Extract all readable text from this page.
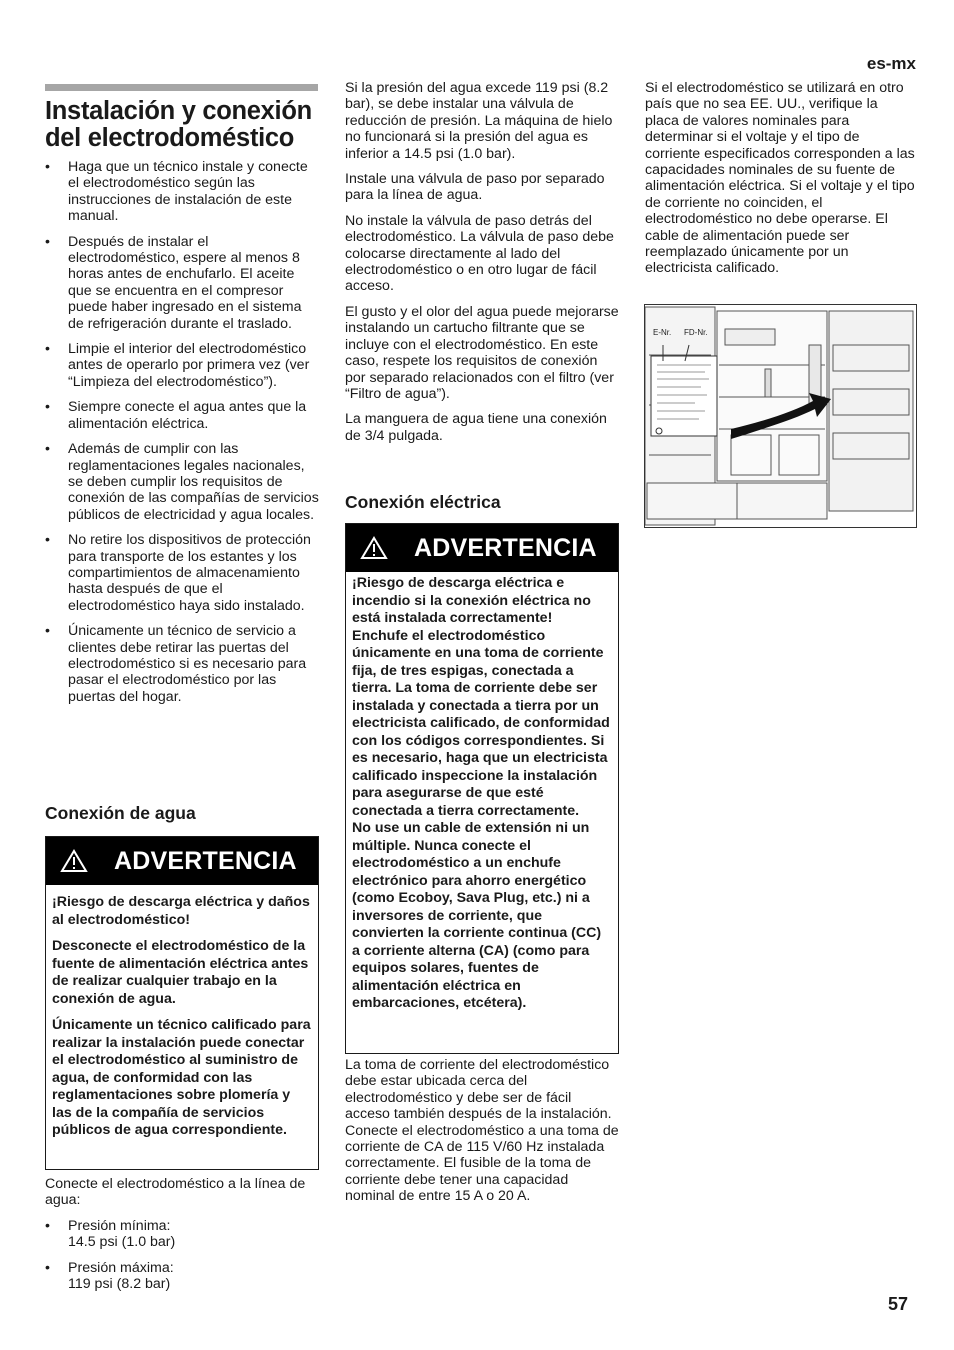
es-mx
Instalación y conexión
del electrodoméstico
• Haga que un técnico instale y conecte el electrodoméstico según las instrucciones de instalación de este manual.
• Después de instalar el electrodoméstico, espere al menos 8 horas antes de enchufarlo. El aceite que se encuentra en el compresor puede haber ingresado en el sistema de refrigeración durante el traslado.
• Limpie el interior del electrodoméstico antes de operarlo por primera vez (ver “Limpieza del electrodoméstico”).
• Siempre conecte el agua antes que la alimentación eléctrica.
• Además de cumplir con las reglamentaciones legales nacionales, se deben cumplir los requisitos de conexión de las compañías de servicios públicos de electricidad y agua locales.
• No retire los dispositivos de protección para transporte de los estantes y los compartimientos de almacenamiento hasta después de que el electrodoméstico haya sido instalado.
• Únicamente un técnico de servicio a clientes debe retirar las puertas del electrodoméstico si es necesario para pasar el electrodoméstico por las puertas del hogar.
Conexión de agua
ADVERTENCIA

¡Riesgo de descarga eléctrica y daños al electrodoméstico!

Desconecte el electrodoméstico de la fuente de alimentación eléctrica antes de realizar cualquier trabajo en la conexión de agua.

Únicamente un técnico calificado para realizar la instalación puede conectar el electrodoméstico al suministro de agua, de conformidad con las reglamentaciones sobre plomería y las de la compañía de servicios públicos de agua correspondiente.

Conecte el electrodoméstico a la línea de agua:

• Presión mínima:
14.5 psi (1.0 bar)
• Presión máxima:
119 psi (8.2 bar)

Si la presión del agua excede 119 psi (8.2 bar), se debe instalar una válvula de reducción de presión. La máquina de hielo no funcionará si la presión del agua es inferior a 14.5 psi (1.0 bar).

Instale una válvula de paso por separado para la línea de agua.

No instale la válvula de paso detrás del electrodoméstico. La válvula de paso debe colocarse directamente al lado del electrodoméstico o en otro lugar de fácil acceso.

El gusto y el olor del agua puede mejorarse instalando un cartucho filtrante que se incluye con el electrodoméstico. En este caso, respete los requisitos de conexión por separado relacionados con el filtro (ver “Filtro de agua”).

La manguera de agua tiene una conexión de 3/4 pulgada.

Conexión eléctrica
ADVERTENCIA

¡Riesgo de descarga eléctrica e incendio si la conexión eléctrica no está instalada correctamente! Enchufe el electrodoméstico únicamente en una toma de corriente fija, de tres espigas, conectada a tierra. La toma de corriente debe ser instalada y conectada a tierra por un electricista calificado, de conformidad con los códigos correspondientes. Si es necesario, haga que un electricista calificado inspeccione la instalación para asegurarse de que esté conectada a tierra correctamente.

No use un cable de extensión ni un múltiple. Nunca conecte el electrodoméstico a un enchufe electrónico para ahorro energético (como Ecoboy, Sava Plug, etc.) ni a inversores de corriente, que convierten la corriente continua (CC) a corriente alterna (CA) (como para equipos solares, fuentes de alimentación eléctrica en embarcaciones, etcétera).

La toma de corriente del electrodoméstico debe estar ubicada cerca del electrodoméstico y debe ser de fácil acceso también después de la instalación.

Conecte el electrodoméstico a una toma de corriente de CA de 115 V/60 Hz instalada correctamente. El fusible de la toma de corriente debe tener una capacidad nominal de entre 15 A o 20 A.

Si el electrodoméstico se utilizará en otro país que no sea EE. UU., verifique la placa de valores nominales para determinar si el voltaje y el tipo de corriente especificados corresponden a las capacidades nominales de su fuente de alimentación eléctrica. Si el voltaje y el tipo de corriente no coinciden, el electrodoméstico no debe operarse. El cable de alimentación puede ser reemplazado únicamente por un electricista calificado.

E-Nr. FD-Nr.
57
